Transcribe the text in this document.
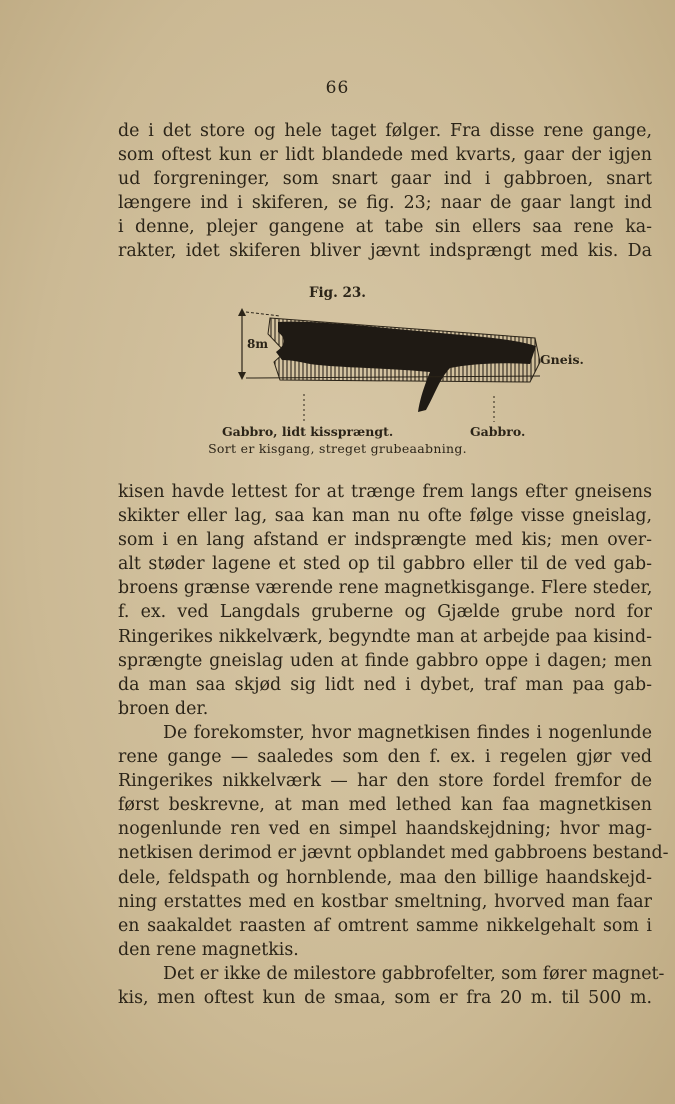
66
de i det store og hele taget følger. Fra disse rene gange,
som oftest kun er lidt blandede med kvarts, gaar der igjen
ud forgreninger, som snart gaar ind i gabbroen, snart
længere ind i skiferen, se fig. 23; naar de gaar langt ind
i denne, plejer gangene at tabe sin ellers saa rene ka-
rakter, idet skiferen bliver jævnt indsprængt med kis. Da
Fig. 23.
8m
Gneis.
Gabbro, lidt kissprængt.	Gabbro.
Sort er kisgang, streget grubeaabning.
kisen havde lettest for at trænge frem langs efter gneisens
skikter eller lag, saa kan man nu ofte følge visse gneislag,
som i en lang afstand er indsprængte med kis; men over-
alt støder lagene et sted op til gabbro eller til de ved gab-
broens grænse værende rene magnetkisgange. Flere steder,
f. ex. ved Langdals gruberne og Gjælde grube nord for
Ringerikes nikkelværk, begyndte man at arbejde paa kisind-
sprængte gneislag uden at finde gabbro oppe i dagen; men
da man saa skjød sig lidt ned i dybet, traf man paa gab-
broen der.
De forekomster, hvor magnetkisen findes i nogenlunde
rene gange — saaledes som den f. ex. i regelen gjør ved
Ringerikes nikkelværk — har den store fordel fremfor de
først beskrevne, at man med lethed kan faa magnetkisen
nogenlunde ren ved en simpel haandskejdning; hvor mag-
netkisen derimod er jævnt opblandet med gabbroens bestand-
dele, feldspath og hornblende, maa den billige haandskejd-
ning erstattes med en kostbar smeltning, hvorved man faar
en saakaldet raasten af omtrent samme nikkelgehalt som i
den rene magnetkis.
Det er ikke de milestore gabbrofelter, som fører magnet-
kis, men oftest kun de smaa, som er fra 20 m. til 500 m.
